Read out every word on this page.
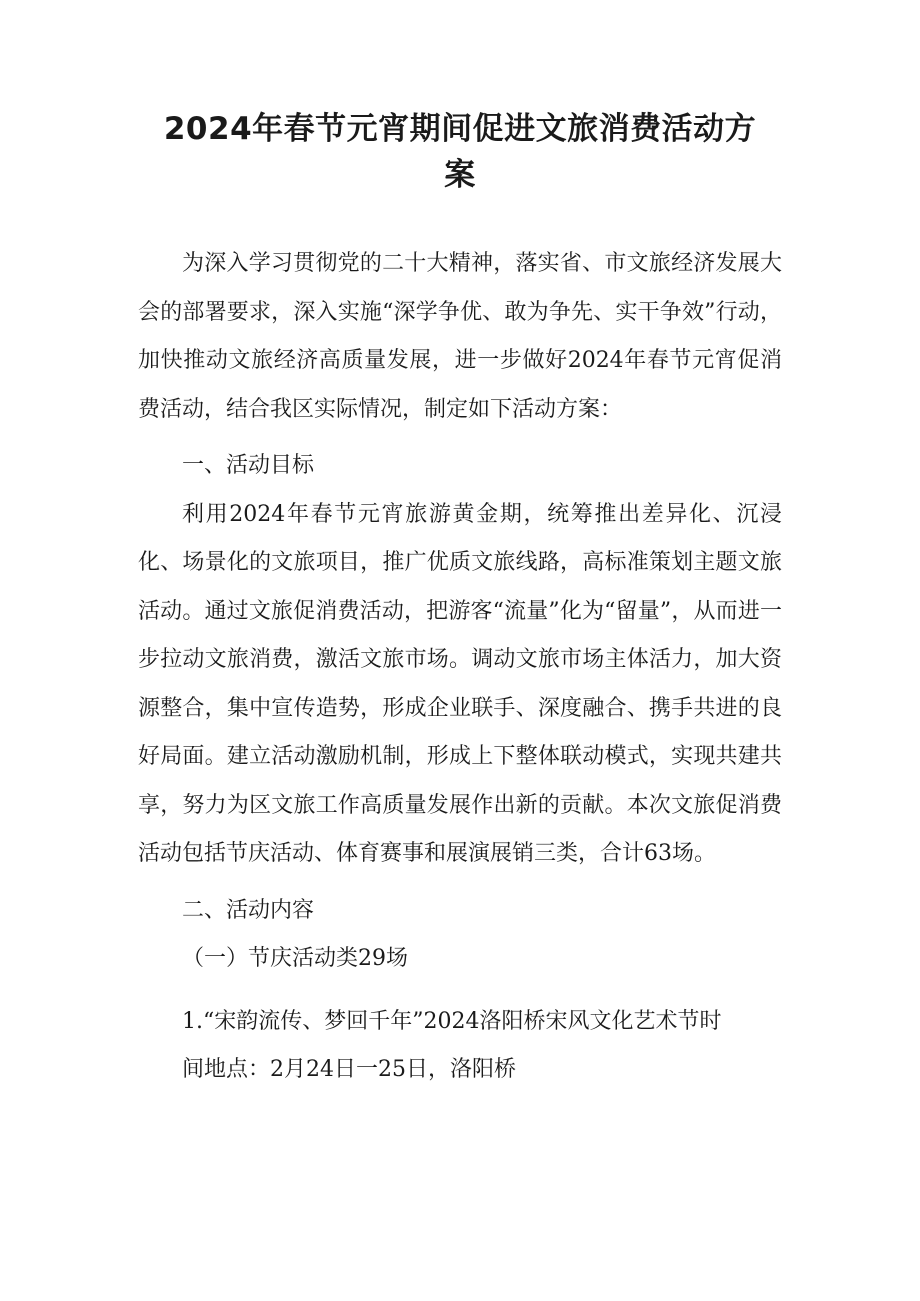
2024年春节元宵期间促进文旅消费活动方
案

为深入学习贯彻党的二十大精神，落实省、市文旅经济发展大会的部署要求，深入实施“深学争优、敢为争先、实干争效”行动，加快推动文旅经济高质量发展，进一步做好2024年春节元宵促消费活动，结合我区实际情况，制定如下活动方案：

一、活动目标

利用2024年春节元宵旅游黄金期，统筹推出差异化、沉浸化、场景化的文旅项目，推广优质文旅线路，高标准策划主题文旅活动。通过文旅促消费活动，把游客“流量”化为“留量”，从而进一步拉动文旅消费，激活文旅市场。调动文旅市场主体活力，加大资源整合，集中宣传造势，形成企业联手、深度融合、携手共进的良好局面。建立活动激励机制，形成上下整体联动模式，实现共建共享，努力为区文旅工作高质量发展作出新的贡献。本次文旅促消费活动包括节庆活动、体育赛事和展演展销三类，合计63场。

二、活动内容

（一）节庆活动类29场

1.“宋韵流传、梦回千年”2024洛阳桥宋风文化艺术节时

间地点：2月24日一25日，洛阳桥
